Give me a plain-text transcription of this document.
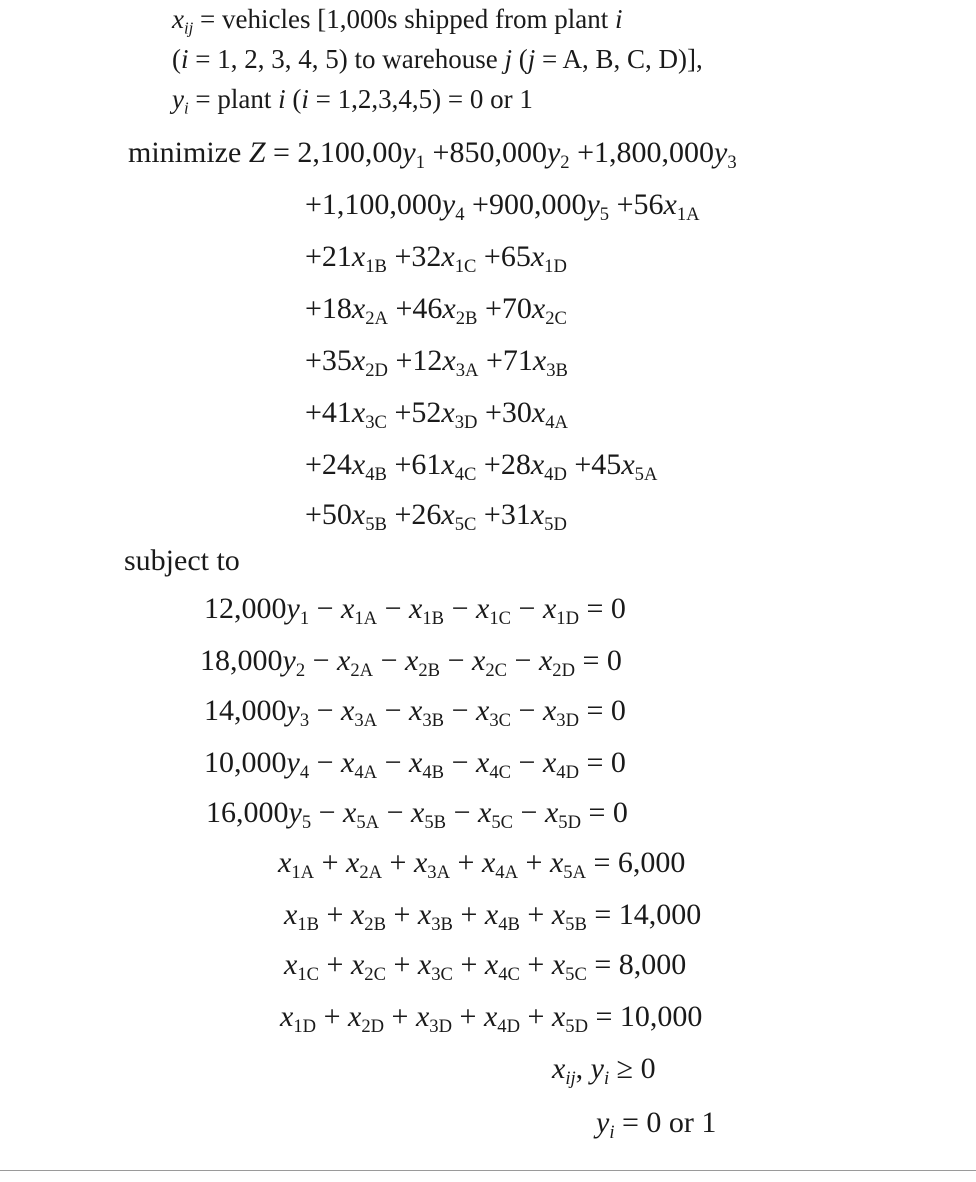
xij = vehicles [1,000s shipped from plant i
(i = 1, 2, 3, 4, 5) to warehouse j (j = A, B, C, D)],
yi = plant i (i = 1,2,3,4,5) = 0 or 1
minimize $Z = 2,100,00y_1 +850,000y_2 +1,800,000y_3$
$+1,100,000y_4 +900,000y_5 +56x_{1A}$
$+21x_{1B} +32x_{1C} +65x_{1D}$
$+18x_{2A} +46x_{2B} +70x_{2C}$
$+35x_{2D} +12x_{3A} +71x_{3B}$
$+41x_{3C} +52x_{3D} +30x_{4A}$
$+24x_{4B} +61x_{4C} +28x_{4D} +45x_{5A}$
$+50x_{5B} +26x_{5C} +31x_{5D}$
subject to
$12,000y_1 - x_{1A} - x_{1B} - x_{1C} - x_{1D} = 0$
$18,000y_2 - x_{2A} - x_{2B} - x_{2C} - x_{2D} = 0$
$14,000y_3 - x_{3A} - x_{3B} - x_{3C} - x_{3D} = 0$
$10,000y_4 - x_{4A} - x_{4B} - x_{4C} - x_{4D} = 0$
$16,000y_5 - x_{5A} - x_{5B} - x_{5C} - x_{5D} = 0$
$x_{1A} + x_{2A} + x_{3A} + x_{4A} + x_{5A} = 6,000$
$x_{1B} + x_{2B} + x_{3B} + x_{4B} + x_{5B} = 14,000$
$x_{1C} + x_{2C} + x_{3C} + x_{4C} + x_{5C} = 8,000$
$x_{1D} + x_{2D} + x_{3D} + x_{4D} + x_{5D} = 10,000$
xij, yi ≥ 0
yi = 0 or 1
